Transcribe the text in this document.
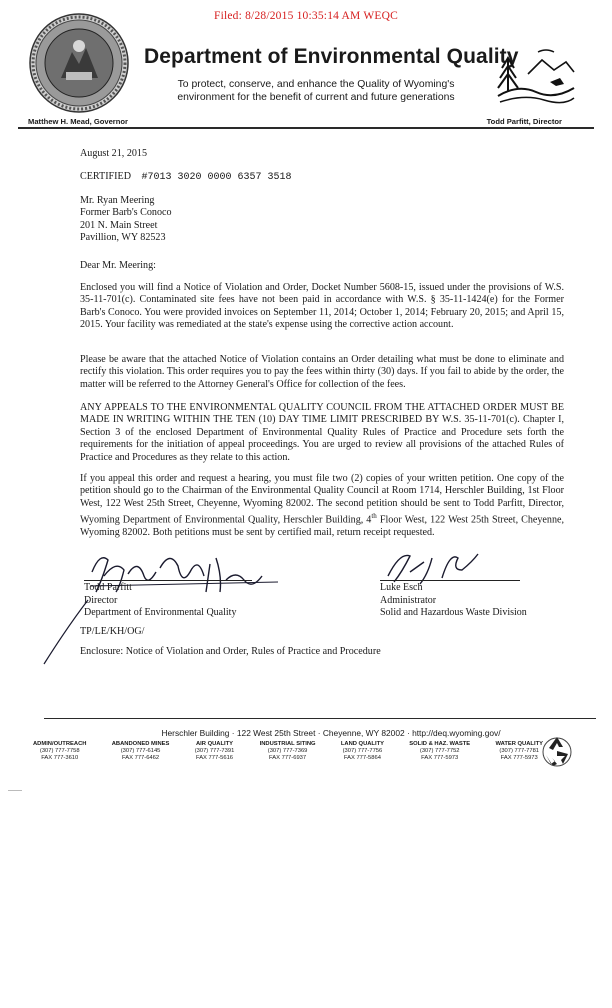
Filed: 8/28/2015 10:35:14 AM WEQC
Department of Environmental Quality
To protect, conserve, and enhance the Quality of Wyoming's
environment for the benefit of current and future generations
Matthew H. Mead, Governor	Todd Parfitt, Director
August 21, 2015
CERTIFIED #7013 3020 0000 6357 3518
Mr. Ryan Meering
Former Barb's Conoco
201 N. Main Street
Pavillion, WY 82523
Dear Mr. Meering:
Enclosed you will find a Notice of Violation and Order, Docket Number 5608-15, issued under the provisions of W.S. 35-11-701(c). Contaminated site fees have not been paid in accordance with W.S. § 35-11-1424(e) for the Former Barb's Conoco. You were provided invoices on September 11, 2014; October 1, 2014; February 20, 2015; and April 15, 2015. Your facility was remediated at the state's expense using the corrective action account.
Please be aware that the attached Notice of Violation contains an Order detailing what must be done to eliminate and rectify this violation. This order requires you to pay the fees within thirty (30) days. If you fail to abide by the order, the matter will be referred to the Attorney General's Office for collection of the fees.
ANY APPEALS TO THE ENVIRONMENTAL QUALITY COUNCIL FROM THE ATTACHED ORDER MUST BE MADE IN WRITING WITHIN THE TEN (10) DAY TIME LIMIT PRESCRIBED BY W.S. 35-11-701(c). Chapter I, Section 3 of the enclosed Department of Environmental Quality Rules of Practice and Procedure sets forth the requirements for the initiation of appeal proceedings. You are urged to review all provisions of the attached Rules of Practice and Procedures as they relate to this action.
If you appeal this order and request a hearing, you must file two (2) copies of your written petition. One copy of the petition should go to the Chairman of the Environmental Quality Council at Room 1714, Herschler Building, 1st Floor West, 122 West 25th Street, Cheyenne, Wyoming 82002. The second petition should be sent to Todd Parfitt, Director, Wyoming Department of Environmental Quality, Herschler Building, 4th Floor West, 122 West 25th Street, Cheyenne, Wyoming 82002. Both petitions must be sent by certified mail, return receipt requested.
Todd Parfitt
Director
Department of Environmental Quality
Luke Esch
Administrator
Solid and Hazardous Waste Division
TP/LE/KH/OG/
Enclosure: Notice of Violation and Order, Rules of Practice and Procedure
Herschler Building · 122 West 25th Street · Cheyenne, WY 82002 · http://deq.wyoming.gov/
ADMIN/OUTREACH
(307) 777-7758
FAX 777-3610
ABANDONED MINES
(307) 777-6145
FAX 777-6462
AIR QUALITY
(307) 777-7391
FAX 777-5616
INDUSTRIAL SITING
(307) 777-7369
FAX 777-6937
LAND QUALITY
(307) 777-7756
FAX 777-5864
SOLID & HAZ. WASTE
(307) 777-7752
FAX 777-5973
WATER QUALITY
(307) 777-7781
FAX 777-5973
